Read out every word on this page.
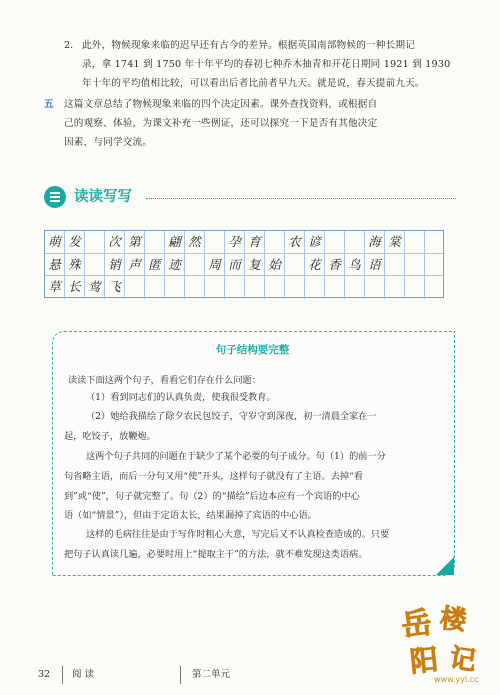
2. 此外，物候现象来临的迟早还有古今的差异。根据英国南部物候的一种长期记
录，拿 1741 到 1750 年十年平均的春初七种乔木抽青和开花日期同 1921 到 1930
年十年的平均值相比较，可以看出后者比前者早九天。就是说，春天提前九天。
五 这篇文章总结了物候现象来临的四个决定因素。课外查找资料，或根据自
己的观察、体验，为课文补充一些例证，还可以探究一下是否有其他决定
因素，与同学交流。
读读写写
萌 发	次 第	翩 然	孕 育	农 谚	海 棠
悬 殊	销 声 匿 迹	周 而 复 始	花 香 鸟 语
草 长 莺 飞
句子结构要完整
读读下面这两个句子，看看它们存在什么问题：
（1）看到同志们的认真负责，使我很受教育。
（2）她给我描绘了除夕农民包饺子，守岁守到深夜，初一清晨全家在一
起，吃饺子，放鞭炮。
这两个句子共同的问题在于缺少了某个必要的句子成分。句（1）的前一分
句省略主语，而后一分句又用“使”开头，这样句子就没有了主语。去掉“看
到”或“使”，句子就完整了。句（2）的“描绘”后边本应有一个宾语的中心
语（如“情景”），但由于定语太长，结果漏掉了宾语的中心语。
这样的毛病往往是由于写作时粗心大意，写完后又不认真检查造成的。只要
把句子认真读几遍，必要时用上“提取主干”的方法，就不难发现这类语病。
32 阅 读	第二单元
岳 楼
阳 记
www.yyl.cc
